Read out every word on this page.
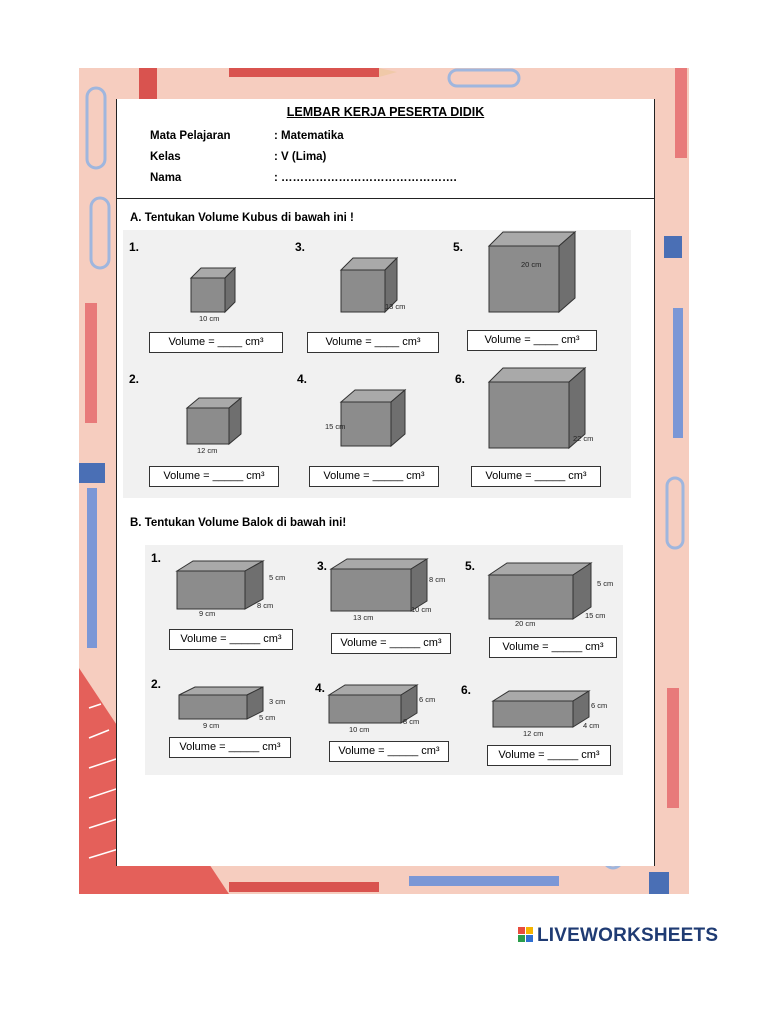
LEMBAR KERJA PESERTA DIDIK
Mata Pelajaran	: Matematika
Kelas	: V (Lima)
Nama	: ……………………………………….
A. Tentukan Volume Kubus di bawah ini !
1.
10 cm
Volume = ____ cm³
3.
13 cm
Volume = ____ cm³
5.
20 cm
Volume = ____ cm³
2.
12 cm
Volume = _____ cm³
4.
15 cm
Volume = _____ cm³
6.
22 cm
Volume = _____ cm³
B. Tentukan Volume Balok di bawah ini!
1.
5 cm
9 cm
8 cm
Volume = _____ cm³
3.
8 cm
13 cm
10 cm
Volume = _____ cm³
5.
5 cm
20 cm
15 cm
Volume = _____ cm³
2.
3 cm
9 cm
5 cm
Volume = _____ cm³
4.
6 cm
10 cm
8 cm
Volume = _____ cm³
6.
6 cm
12 cm
4 cm
Volume = _____ cm³
LIVEWORKSHEETS
